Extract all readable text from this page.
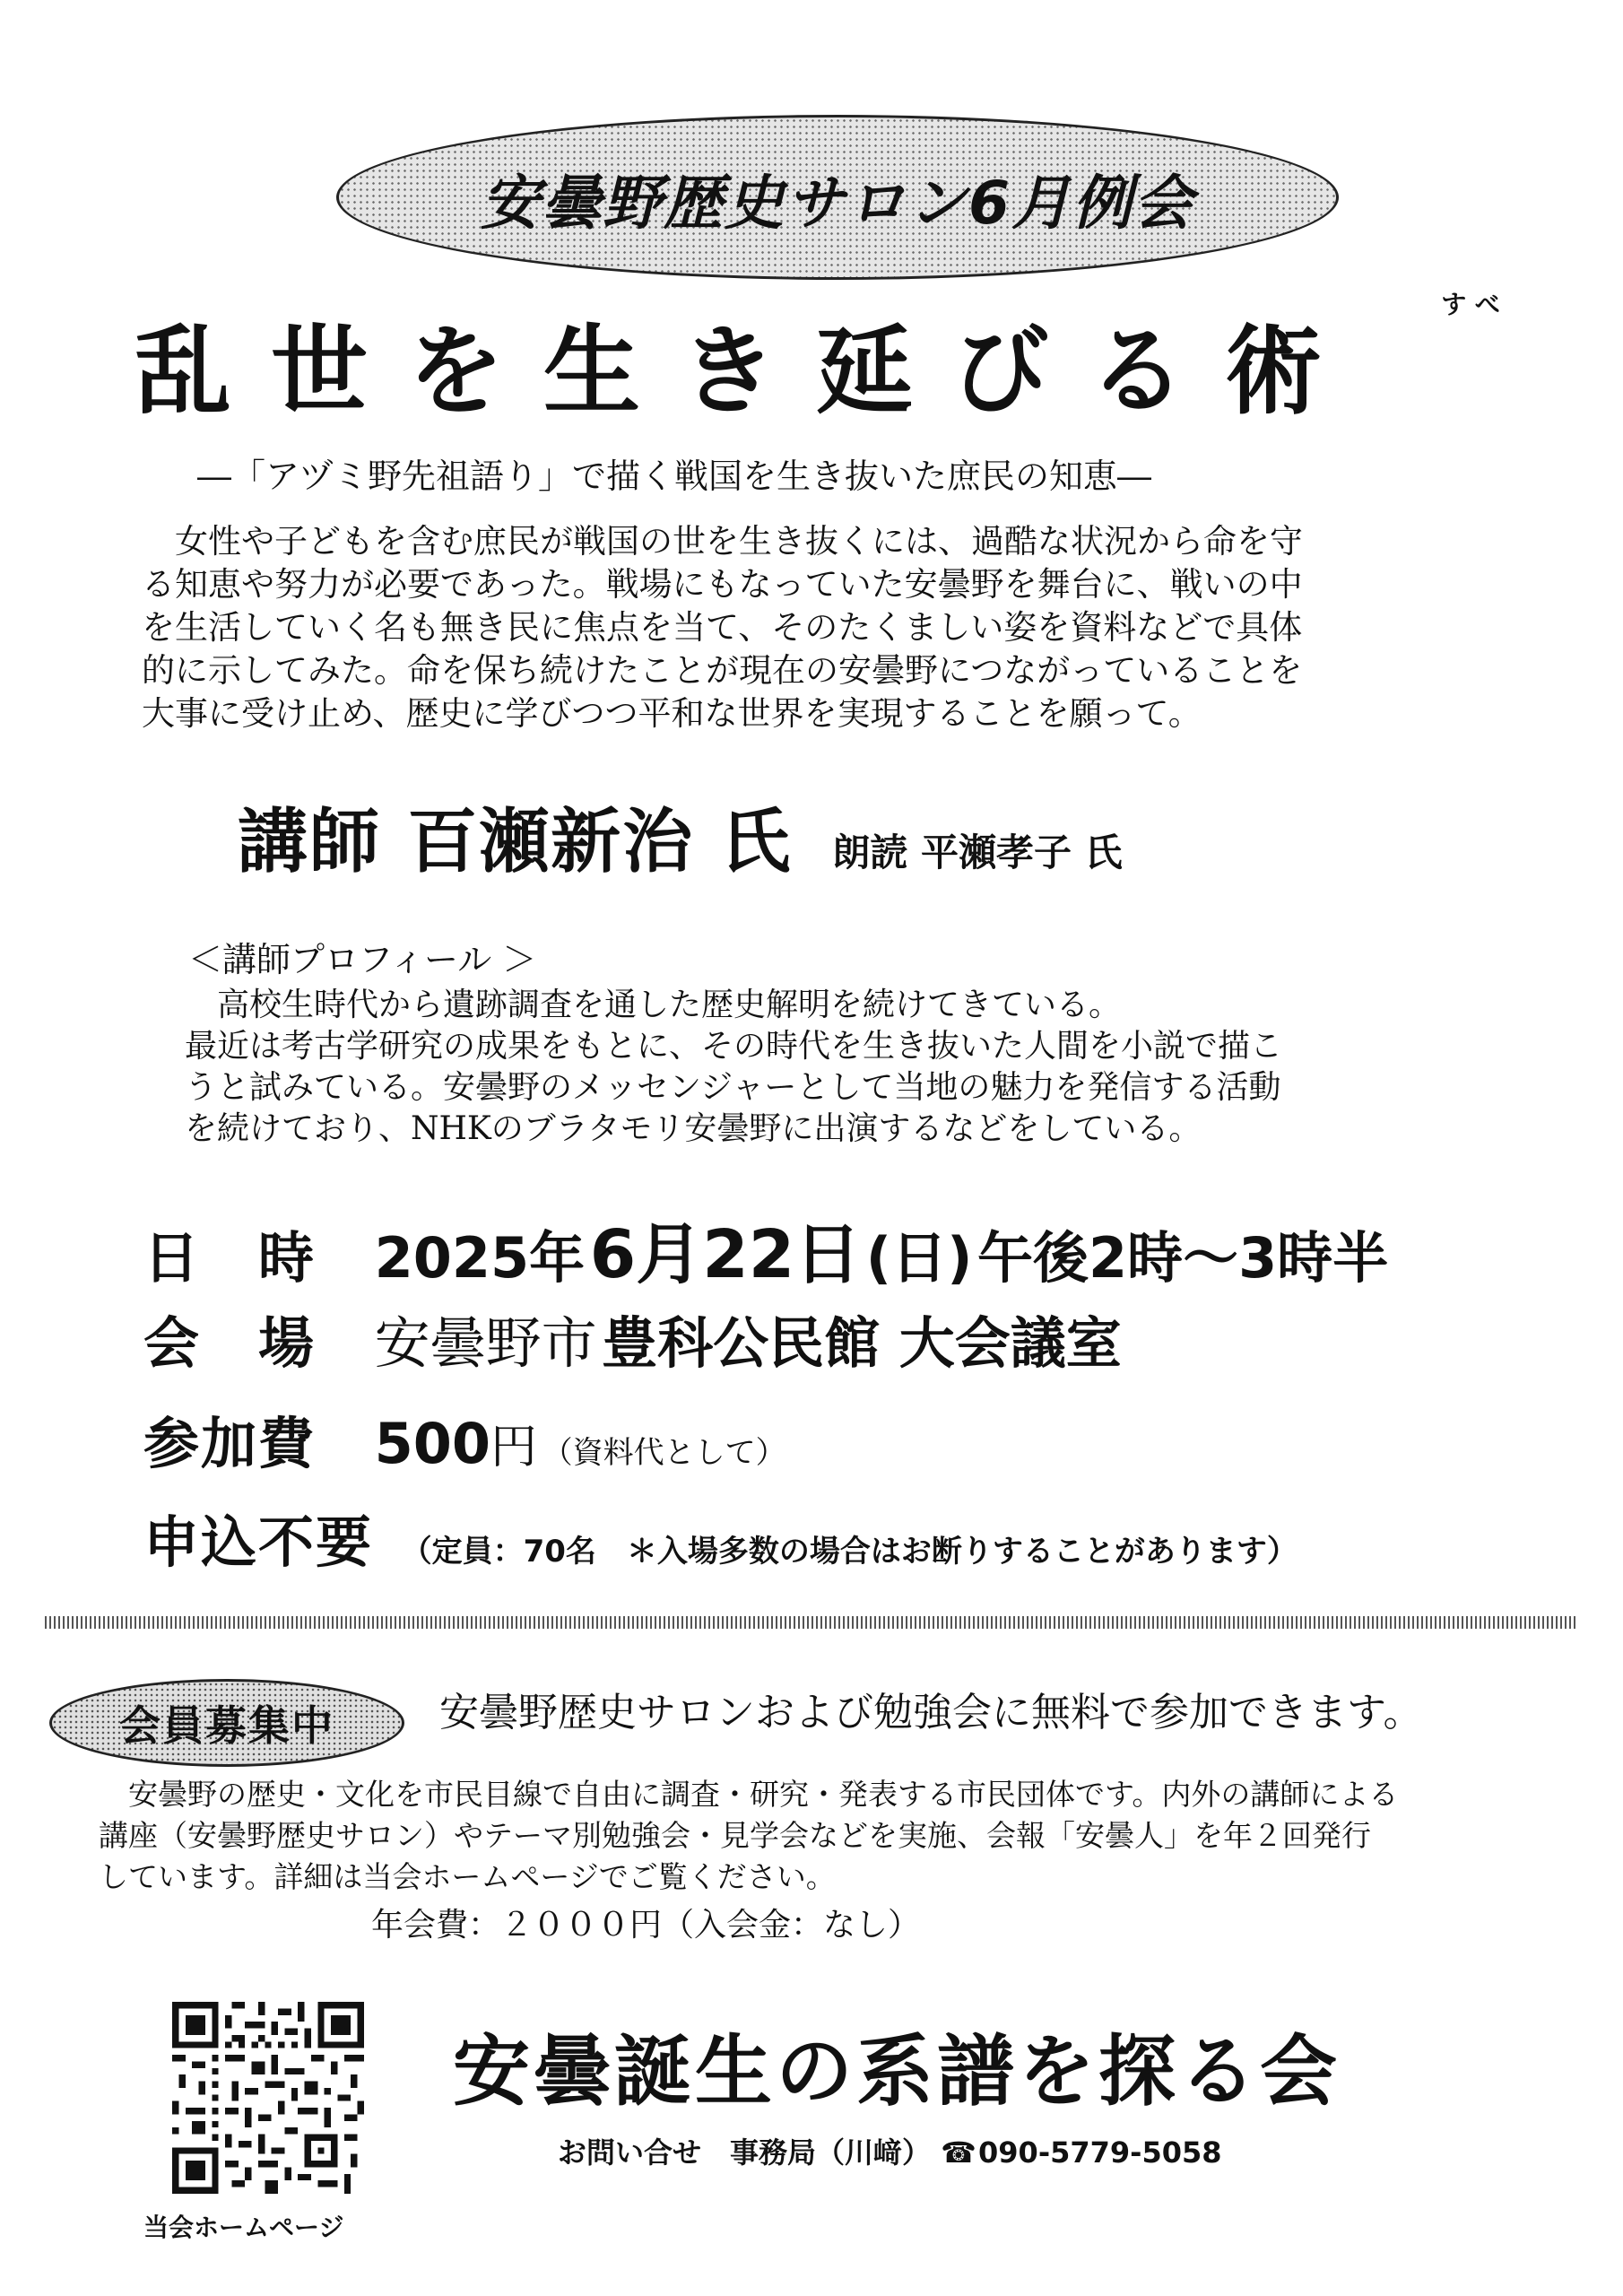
安曇野歴史サロン6月例会
すべ
乱世を生き延びる術
―「アヅミ野先祖語り」で描く戦国を生き抜いた庶民の知恵―

　女性や子どもを含む庶民が戦国の世を生き抜くには、過酷な状況から命を守

る知恵や努力が必要であった。戦場にもなっていた安曇野を舞台に、戦いの中

を生活していく名も無き民に焦点を当て、そのたくましい姿を資料などで具体

的に示してみた。命を保ち続けたことが現在の安曇野につながっていることを

大事に受け止め、歴史に学びつつ平和な世界を実現することを願って。

講師 百瀬新治 氏 朗読 平瀬孝子 氏
＜講師プロフィール ＞

　高校生時代から遺跡調査を通した歴史解明を続けてきている。

最近は考古学研究の成果をもとに、その時代を生き抜いた人間を小説で描こ

うと試みている。安曇野のメッセンジャーとして当地の魅力を発信する活動

を続けており、NHKのブラタモリ安曇野に出演するなどをしている。

日　時 2025年 6月22日 (日) 午後2時～3時半
会　場 安曇野市 豊科公民館 大会議室
参加費 500円 （資料代として）
申込不要 （定員：70名　＊入場多数の場合はお断りすることがあります）
会員募集中	安曇野歴史サロンおよび勉強会に無料で参加できます。

　安曇野の歴史・文化を市民目線で自由に調査・研究・発表する市民団体です。内外の講師による

講座（安曇野歴史サロン）やテーマ別勉強会・見学会などを実施、会報「安曇人」を年２回発行

しています。詳細は当会ホームページでご覧ください。

年会費：２０００円（入会金：なし）
当会ホームページ
安曇誕生の系譜を探る会
お問い合せ　事務局（川﨑） ☎090-5779-5058
